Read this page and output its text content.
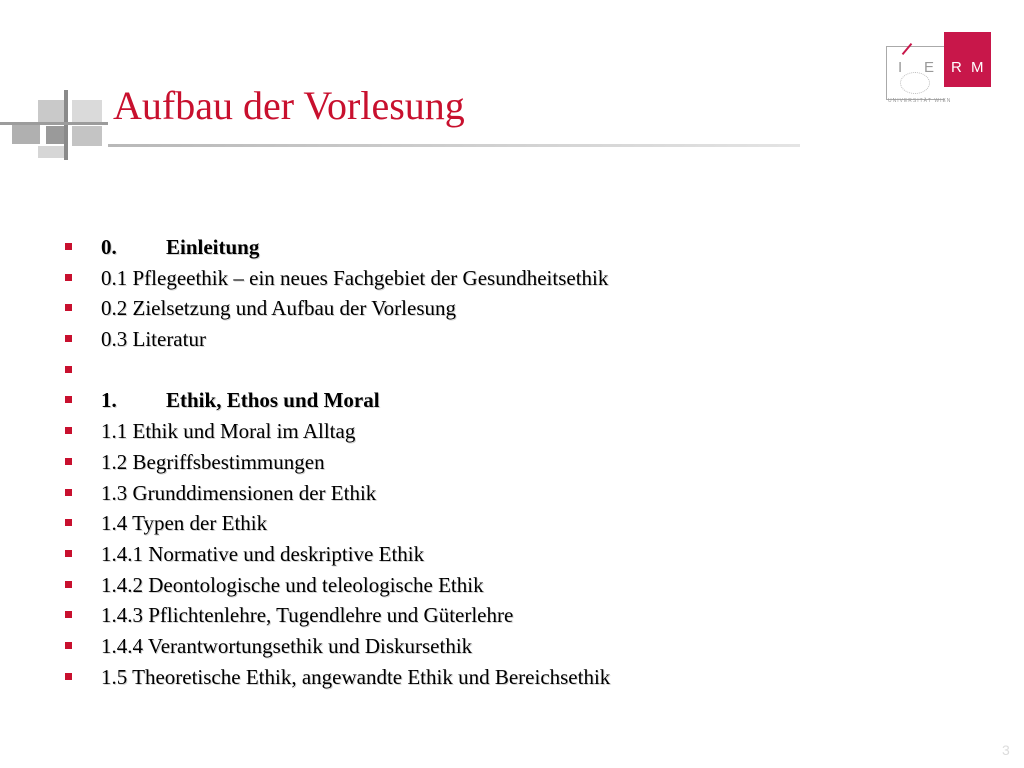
Aufbau der Vorlesung
I E R M
UNIVERSITÄT WIEN
0. Einleitung
0.1 Pflegeethik – ein neues Fachgebiet der Gesundheitsethik
0.2 Zielsetzung und Aufbau der Vorlesung
0.3 Literatur
1. Ethik, Ethos und Moral
1.1 Ethik und Moral im Alltag
1.2 Begriffsbestimmungen
1.3 Grunddimensionen der Ethik
1.4 Typen der Ethik
1.4.1 Normative und deskriptive Ethik
1.4.2 Deontologische und teleologische Ethik
1.4.3 Pflichtenlehre, Tugendlehre und Güterlehre
1.4.4 Verantwortungsethik und Diskursethik
1.5 Theoretische Ethik, angewandte Ethik und Bereichsethik
3
